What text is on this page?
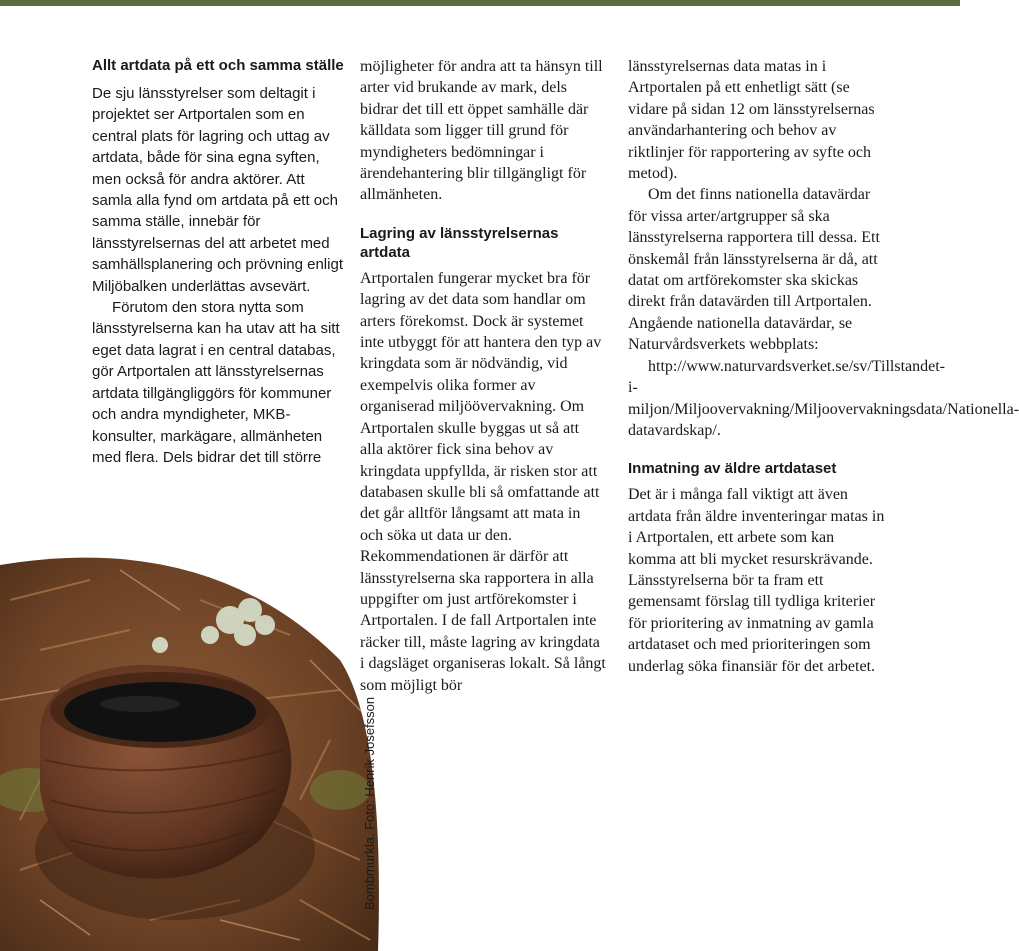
Allt artdata på ett och samma ställe

De sju länsstyrelser som deltagit i projektet ser Artportalen som en central plats för lagring och uttag av artdata, både för sina egna syften, men också för andra aktörer. Att samla alla fynd om artdata på ett och samma ställe, innebär för länsstyrelsernas del att arbetet med samhällsplanering och prövning enligt Miljöbalken underlättas avsevärt.

Förutom den stora nytta som länsstyrelserna kan ha utav att ha sitt eget data lagrat i en central databas, gör Artportalen att länsstyrelsernas artdata tillgängliggörs för kommuner och andra myndigheter, MKB-konsulter, markägare, allmänheten med flera. Dels bidrar det till större

möjligheter för andra att ta hänsyn till arter vid brukande av mark, dels bidrar det till ett öppet samhälle där källdata som ligger till grund för myndigheters bedömningar i ärendehantering blir tillgängligt för allmänheten.

Lagring av länsstyrelsernas artdata

Artportalen fungerar mycket bra för lagring av det data som handlar om arters förekomst. Dock är systemet inte utbyggt för att hantera den typ av kringdata som är nödvändig, vid exempelvis olika former av organiserad miljöövervakning. Om Artportalen skulle byggas ut så att alla aktörer fick sina behov av kringdata uppfyllda, är risken stor att databasen skulle bli så omfattande att det går alltför långsamt att mata in och söka ut data ur den. Rekommendationen är därför att länsstyrelserna ska rapportera in alla uppgifter om just artförekomster i Artportalen. I de fall Artportalen inte räcker till, måste lagring av kringdata i dagsläget organiseras lokalt. Så långt som möjligt bör

länsstyrelsernas data matas in i Artportalen på ett enhetligt sätt (se vidare på sidan 12 om länsstyrelsernas användarhantering och behov av riktlinjer för rapportering av syfte och metod).

Om det finns nationella datavärdar för vissa arter/artgrupper så ska länsstyrelserna rapportera till dessa. Ett önskemål från länsstyrelserna är då, att datat om artförekomster ska skickas direkt från datavärden till Artportalen. Angående nationella datavärdar, se Naturvårdsverkets webbplats:
http://www.naturvardsverket.se/sv/Tillstandet-i-miljon/Miljoovervakning/Miljoovervakningsdata/Nationella-datavardskap/.

Inmatning av äldre artdataset

Det är i många fall viktigt att även artdata från äldre inventeringar matas in i Artportalen, ett arbete som kan komma att bli mycket resurskrävande. Länsstyrelserna bör ta fram ett gemensamt förslag till tydliga kriterier för prioritering av inmatning av gamla artdataset och med prioriteringen som underlag söka finansiär för det arbetet.

Bombmurkla. Foto: Henrik Josefsson
